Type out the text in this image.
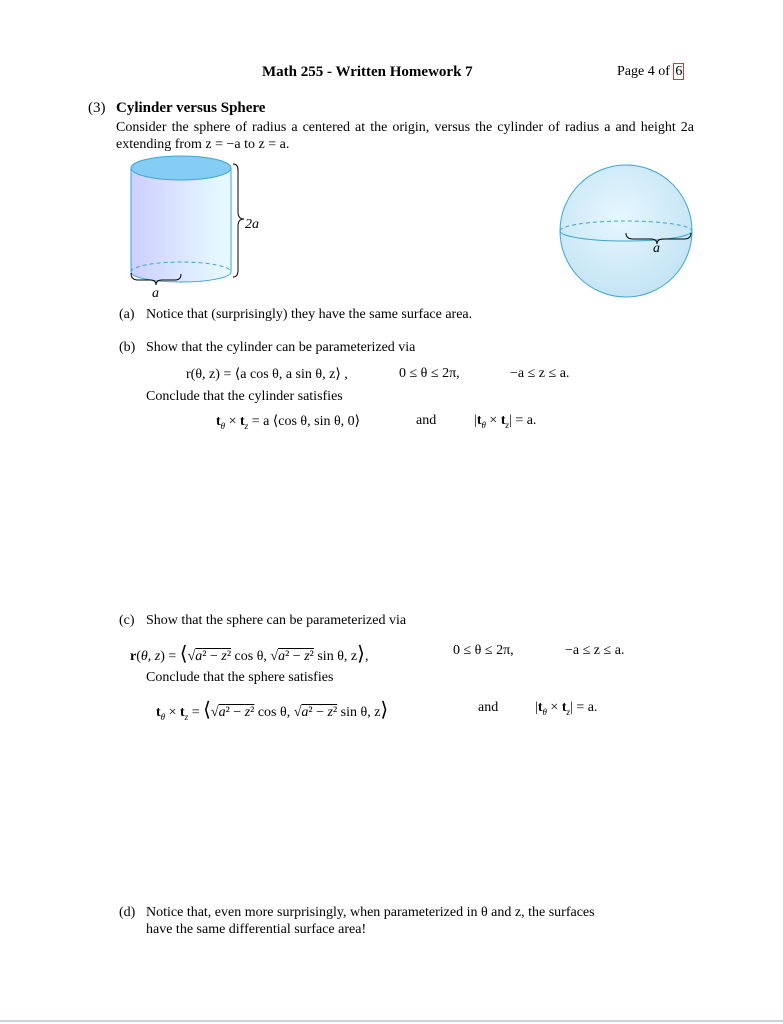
Math 255 - Written Homework 7	Page 4 of 6
(3) Cylinder versus Sphere
Consider the sphere of radius a centered at the origin, versus the cylinder of radius a and height 2a extending from z = −a to z = a.
2a
a
a
(a) Notice that (surprisingly) they have the same surface area.
(b) Show that the cylinder can be parameterized via
r(θ, z) = ⟨a cos θ, a sin θ, z⟩ ,	0 ≤ θ ≤ 2π,	−a ≤ z ≤ a.
Conclude that the cylinder satisfies
$t_\theta \times t_z = a$ ⟨cos θ, sin θ, 0⟩	and	$|t_\theta \times t_z| = a$.
(c) Show that the sphere can be parameterized via
r(θ, z) = ⟨√a² − z² cos θ, √a² − z² sin θ, z⟩,	0 ≤ θ ≤ 2π,	−a ≤ z ≤ a.
Conclude that the sphere satisfies
$t_\theta \times t_z$ = ⟨√a² − z² cos θ, √a² − z² sin θ, z⟩	and	$|t_\theta \times t_z| = a$.
(d) Notice that, even more surprisingly, when parameterized in θ and z, the surfaces
have the same differential surface area!
